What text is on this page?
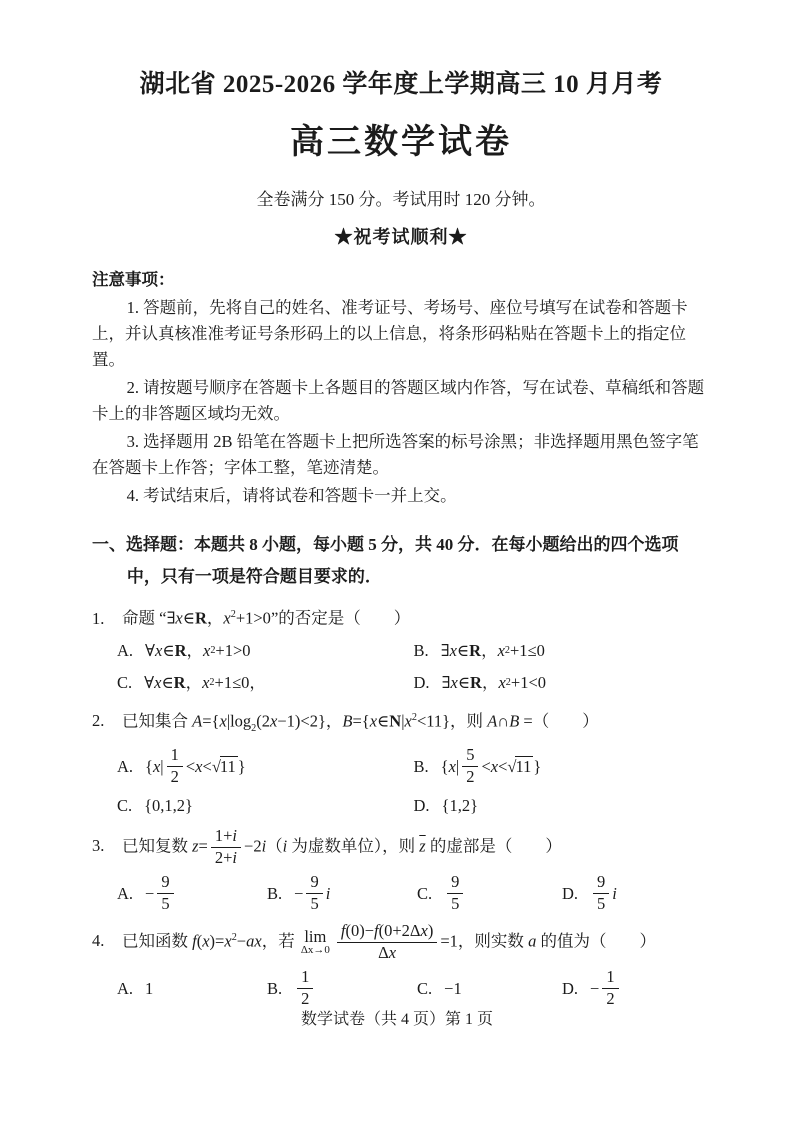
湖北省 2025-2026 学年度上学期高三 10 月月考
高三数学试卷
全卷满分 150 分。考试用时 120 分钟。
★祝考试顺利★

注意事项：

1. 答题前，先将自己的姓名、准考证号、考场号、座位号填写在试卷和答题卡上，并认真核准准考证号条形码上的以上信息，将条形码粘贴在答题卡上的指定位置。

2. 请按题号顺序在答题卡上各题目的答题区域内作答，写在试卷、草稿纸和答题卡上的非答题区域均无效。

3. 选择题用 2B 铅笔在答题卡上把所选答案的标号涂黑；非选择题用黑色签字笔在答题卡上作答；字体工整，笔迹清楚。

4. 考试结束后，请将试卷和答题卡一并上交。

一、选择题：本题共 8 小题，每小题 5 分，共 40 分．在每小题给出的四个选项中，只有一项是符合题目要求的．
1.	命题 “∃x∈R，$x^2+1>0$”的否定是（　　）
A. ∀ x ∈ R ， x 2 +1>0	B. ∃ x ∈ R ， x 2 +1≤0
C. ∀ x ∈ R ， x 2 +1≤0，	D. ∃ x ∈ R ， x 2 +1<0
2.	已知集合 $A=\{x|\log_2(2x-1)<2\}$，$B=\{x\in N|x^2<11\}$，则 A∩B =（　　）
A. { x | $\frac{1}{2} < x < √11$ }	B. { x | $\frac{5}{2} < x < √11$ }
C. {0,1,2}	D. {1,2}
3.	已知复数 $z= \frac{1+i}{2+i} -2i(i$ 为虚数单位），则 $\overline{z}$ 的虚部是（　　）
A. − $\frac{9}{5}$	B. − $\frac{9}{5}$ i	C. $\frac{9}{5}$	D. $\frac{9}{5}$ i
4.	已知函数 $f(x)=x^2-ax$，若 lim
$\Delta x\to 0 \frac{f(0)-f(0+2\Delta x)}{\Delta x} =1$，则实数 a 的值为（　　）
A. 1	B. $\frac{1}{2}$	C. −1	D. − $\frac{1}{2}$
数学试卷（共 4 页）第 1 页
